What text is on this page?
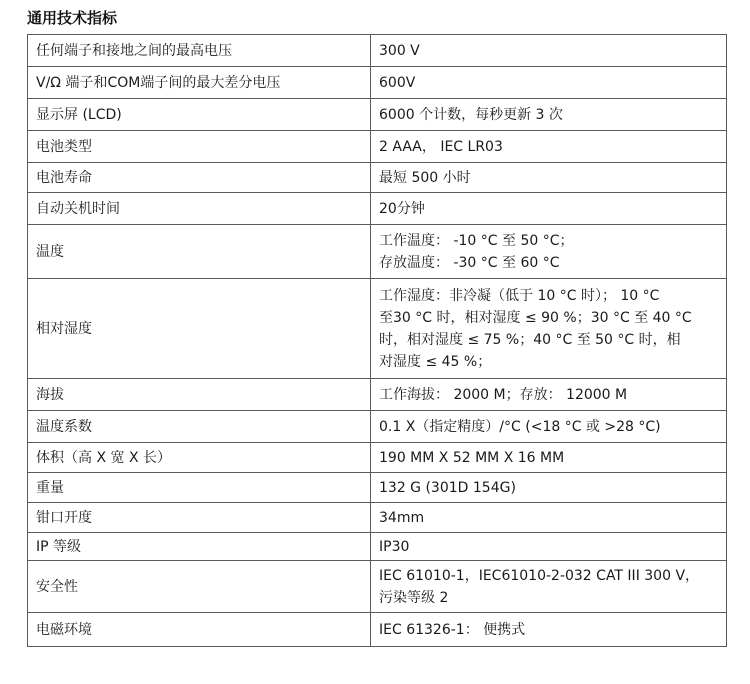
通用技术指标
任何端子和接地之间的最高电压	300 V

V/Ω 端子和COM端子间的最大差分电压	600V

显示屏 (LCD)	6000 个计数，每秒更新 3 次

电池类型	2 AAA， IEC LR03

电池寿命	最短 500 小时

自动关机时间	20分钟

温度	工作温度： -10 °C 至 50 °C；
存放温度： -30 °C 至 60 °C

相对湿度	工作湿度：非冷凝（低于 10 °C 时）； 10 °C
至30 °C 时，相对湿度 ≤ 90 %；30 °C 至 40 °C
时，相对湿度 ≤ 75 %；40 °C 至 50 °C 时，相
对湿度 ≤ 45 %；

海拔	工作海拔： 2000 M；存放： 12000 M

温度系数	0.1 X（指定精度）/°C (<18 °C 或 >28 °C)

体积（高 X 宽 X 长）	190 MM X 52 MM X 16 MM

重量	132 G (301D 154G)

钳口开度	34mm

IP 等级	IP30

安全性	IEC 61010-1，IEC61010-2-032 CAT III 300 V，
污染等级 2

电磁环境	IEC 61326-1： 便携式
